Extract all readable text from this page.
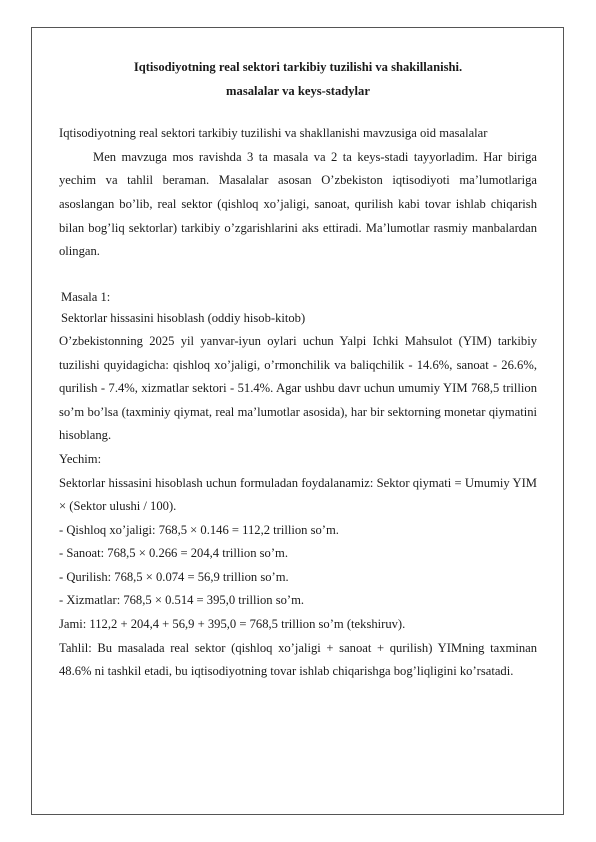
Iqtisodiyotning real sektori tarkibiy tuzilishi va shakillanishi.

masalalar va keys-stadylar

Iqtisodiyotning real sektori tarkibiy tuzilishi va shakllanishi mavzusiga oid masalalar

Men mavzuga mos ravishda 3 ta masala va 2 ta keys-stadi tayyorladim. Har biriga yechim va tahlil beraman. Masalalar asosan O’zbekiston iqtisodiyoti ma’lumotlariga asoslangan bo’lib, real sektor (qishloq xo’jaligi, sanoat, qurilish kabi tovar ishlab chiqarish bilan bog’liq sektorlar) tarkibiy o’zgarishlarini aks ettiradi. Ma’lumotlar rasmiy manbalardan olingan.

Masala 1:

Sektorlar hissasini hisoblash (oddiy hisob-kitob)

O’zbekistonning 2025 yil yanvar-iyun oylari uchun Yalpi Ichki Mahsulot (YIM) tarkibiy tuzilishi quyidagicha: qishloq xo’jaligi, o’rmonchilik va baliqchilik - 14.6%, sanoat - 26.6%, qurilish - 7.4%, xizmatlar sektori - 51.4%. Agar ushbu davr uchun umumiy YIM 768,5 trillion so’m bo’lsa (taxminiy qiymat, real ma’lumotlar asosida), har bir sektorning monetar qiymatini hisoblang.

Yechim:

Sektorlar hissasini hisoblash uchun formuladan foydalanamiz: Sektor qiymati = Umumiy YIM × (Sektor ulushi / 100).

- Qishloq xo’jaligi: 768,5 × 0.146 = 112,2 trillion so’m.

- Sanoat: 768,5 × 0.266 = 204,4 trillion so’m.

- Qurilish: 768,5 × 0.074 = 56,9 trillion so’m.

- Xizmatlar: 768,5 × 0.514 = 395,0 trillion so’m.

Jami: 112,2 + 204,4 + 56,9 + 395,0 = 768,5 trillion so’m (tekshiruv).

Tahlil: Bu masalada real sektor (qishloq xo’jaligi + sanoat + qurilish) YIMning taxminan 48.6% ni tashkil etadi, bu iqtisodiyotning tovar ishlab chiqarishga bog’liqligini ko’rsatadi.
